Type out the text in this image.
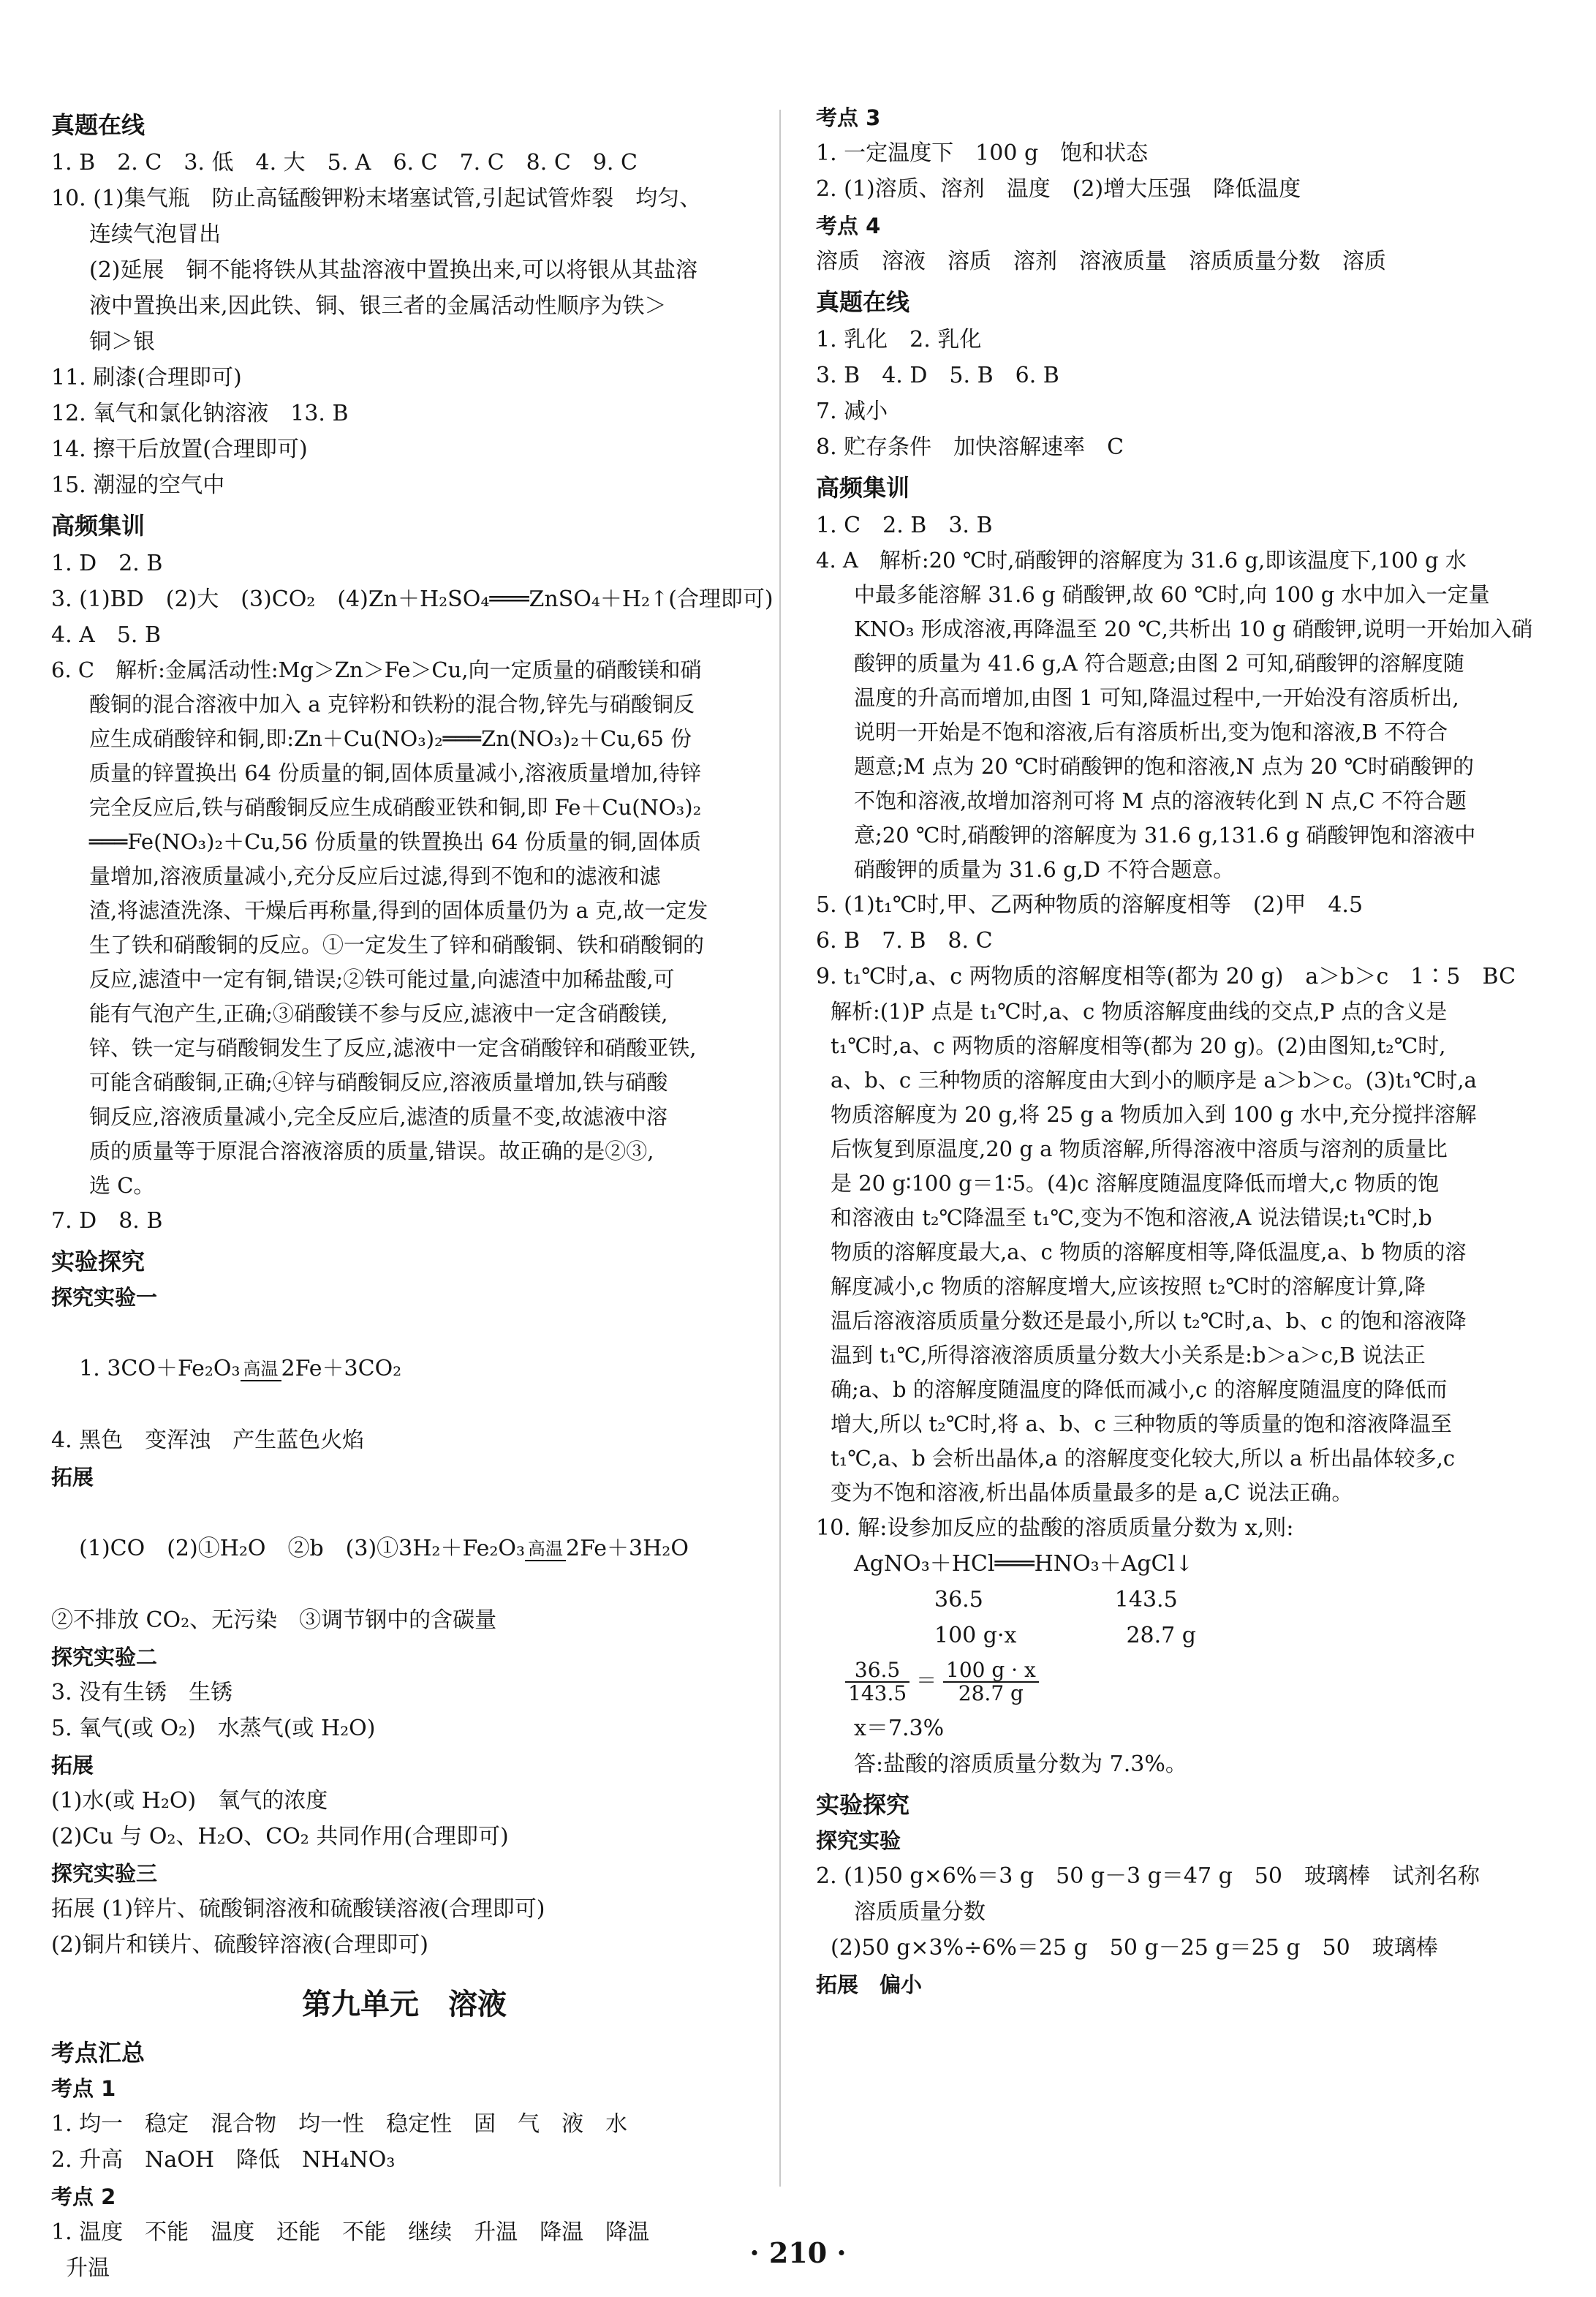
真题在线
1. B　2. C　3. 低　4. 大　5. A　6. C　7. C　8. C　9. C
10. (1)集气瓶　防止高锰酸钾粉末堵塞试管,引起试管炸裂　均匀、
连续气泡冒出
(2)延展　铜不能将铁从其盐溶液中置换出来,可以将银从其盐溶
液中置换出来,因此铁、铜、银三者的金属活动性顺序为铁＞
铜＞银
11. 刷漆(合理即可)
12. 氧气和氯化钠溶液　13. B
14. 擦干后放置(合理即可)
15. 潮湿的空气中
高频集训
1. D　2. B
3. (1)BD　(2)大　(3)CO₂　(4)Zn＋H₂SO₄═══ZnSO₄＋H₂↑(合理即可)
4. A　5. B
6. C　解析:金属活动性:Mg＞Zn＞Fe＞Cu,向一定质量的硝酸镁和硝
酸铜的混合溶液中加入 a 克锌粉和铁粉的混合物,锌先与硝酸铜反
应生成硝酸锌和铜,即:Zn＋Cu(NO₃)₂═══Zn(NO₃)₂＋Cu,65 份
质量的锌置换出 64 份质量的铜,固体质量减小,溶液质量增加,待锌
完全反应后,铁与硝酸铜反应生成硝酸亚铁和铜,即 Fe＋Cu(NO₃)₂
═══Fe(NO₃)₂＋Cu,56 份质量的铁置换出 64 份质量的铜,固体质
量增加,溶液质量减小,充分反应后过滤,得到不饱和的滤液和滤
渣,将滤渣洗涤、干燥后再称量,得到的固体质量仍为 a 克,故一定发
生了铁和硝酸铜的反应。①一定发生了锌和硝酸铜、铁和硝酸铜的
反应,滤渣中一定有铜,错误;②铁可能过量,向滤渣中加稀盐酸,可
能有气泡产生,正确;③硝酸镁不参与反应,滤液中一定含硝酸镁,
锌、铁一定与硝酸铜发生了反应,滤液中一定含硝酸锌和硝酸亚铁,
可能含硝酸铜,正确;④锌与硝酸铜反应,溶液质量增加,铁与硝酸
铜反应,溶液质量减小,完全反应后,滤渣的质量不变,故滤液中溶
质的质量等于原混合溶液溶质的质量,错误。故正确的是②③,
选 C。
7. D　8. B
实验探究
探究实验一

1. 3CO＋Fe₂O₃ 高温 2Fe＋3CO₂

4. 黑色　变浑浊　产生蓝色火焰
拓展

(1)CO　(2)①H₂O　②b　(3)①3H₂＋Fe₂O₃ 高温 2Fe＋3H₂O

②不排放 CO₂、无污染　③调节钢中的含碳量
探究实验二
3. 没有生锈　生锈
5. 氧气(或 O₂)　水蒸气(或 H₂O)
拓展
(1)水(或 H₂O)　氧气的浓度
(2)Cu 与 O₂、H₂O、CO₂ 共同作用(合理即可)
探究实验三
拓展 (1)锌片、硫酸铜溶液和硫酸镁溶液(合理即可)
(2)铜片和镁片、硫酸锌溶液(合理即可)
第九单元　溶液
考点汇总
考点 1
1. 均一　稳定　混合物　均一性　稳定性　固　气　液　水
2. 升高　NaOH　降低　NH₄NO₃
考点 2
1. 温度　不能　温度　还能　不能　继续　升温　降温　降温
升温
考点 3
1. 一定温度下　100 g　饱和状态
2. (1)溶质、溶剂　温度　(2)增大压强　降低温度
考点 4
溶质　溶液　溶质　溶剂　溶液质量　溶质质量分数　溶质
真题在线
1. 乳化　2. 乳化
3. B　4. D　5. B　6. B
7. 减小
8. 贮存条件　加快溶解速率　C
高频集训
1. C　2. B　3. B
4. A　解析:20 ℃时,硝酸钾的溶解度为 31.6 g,即该温度下,100 g 水
中最多能溶解 31.6 g 硝酸钾,故 60 ℃时,向 100 g 水中加入一定量
KNO₃ 形成溶液,再降温至 20 ℃,共析出 10 g 硝酸钾,说明一开始加入硝
酸钾的质量为 41.6 g,A 符合题意;由图 2 可知,硝酸钾的溶解度随
温度的升高而增加,由图 1 可知,降温过程中,一开始没有溶质析出,
说明一开始是不饱和溶液,后有溶质析出,变为饱和溶液,B 不符合
题意;M 点为 20 ℃时硝酸钾的饱和溶液,N 点为 20 ℃时硝酸钾的
不饱和溶液,故增加溶剂可将 M 点的溶液转化到 N 点,C 不符合题
意;20 ℃时,硝酸钾的溶解度为 31.6 g,131.6 g 硝酸钾饱和溶液中
硝酸钾的质量为 31.6 g,D 不符合题意。
5. (1)t₁℃时,甲、乙两种物质的溶解度相等　(2)甲　4.5
6. B　7. B　8. C
9. t₁℃时,a、c 两物质的溶解度相等(都为 20 g)　a＞b＞c　1∶5　BC
解析:(1)P 点是 t₁℃时,a、c 物质溶解度曲线的交点,P 点的含义是
t₁℃时,a、c 两物质的溶解度相等(都为 20 g)。(2)由图知,t₂℃时,
a、b、c 三种物质的溶解度由大到小的顺序是 a＞b＞c。(3)t₁℃时,a
物质溶解度为 20 g,将 25 g a 物质加入到 100 g 水中,充分搅拌溶解
后恢复到原温度,20 g a 物质溶解,所得溶液中溶质与溶剂的质量比
是 20 g∶100 g＝1∶5。(4)c 溶解度随温度降低而增大,c 物质的饱
和溶液由 t₂℃降温至 t₁℃,变为不饱和溶液,A 说法错误;t₁℃时,b
物质的溶解度最大,a、c 物质的溶解度相等,降低温度,a、b 物质的溶
解度减小,c 物质的溶解度增大,应该按照 t₂℃时的溶解度计算,降
温后溶液溶质质量分数还是最小,所以 t₂℃时,a、b、c 的饱和溶液降
温到 t₁℃,所得溶液溶质质量分数大小关系是:b＞a＞c,B 说法正
确;a、b 的溶解度随温度的降低而减小,c 的溶解度随温度的降低而
增大,所以 t₂℃时,将 a、b、c 三种物质的等质量的饱和溶液降温至
t₁℃,a、b 会析出晶体,a 的溶解度变化较大,所以 a 析出晶体较多,c
变为不饱和溶液,析出晶体质量最多的是 a,C 说法正确。
10. 解:设参加反应的盐酸的溶质质量分数为 x,则:
AgNO₃＋HCl═══HNO₃＋AgCl↓
36.5　　　　　　143.5
100 g·x　　　　　28.7 g
$\frac{36.5}{143.5} = \frac{100 g \cdot x}{28.7 g}$
x＝7.3%
答:盐酸的溶质质量分数为 7.3%。
实验探究
探究实验
2. (1)50 g×6%＝3 g　50 g－3 g＝47 g　50　玻璃棒　试剂名称
溶质质量分数
(2)50 g×3%÷6%＝25 g　50 g－25 g＝25 g　50　玻璃棒
拓展　偏小
· 210 ·
